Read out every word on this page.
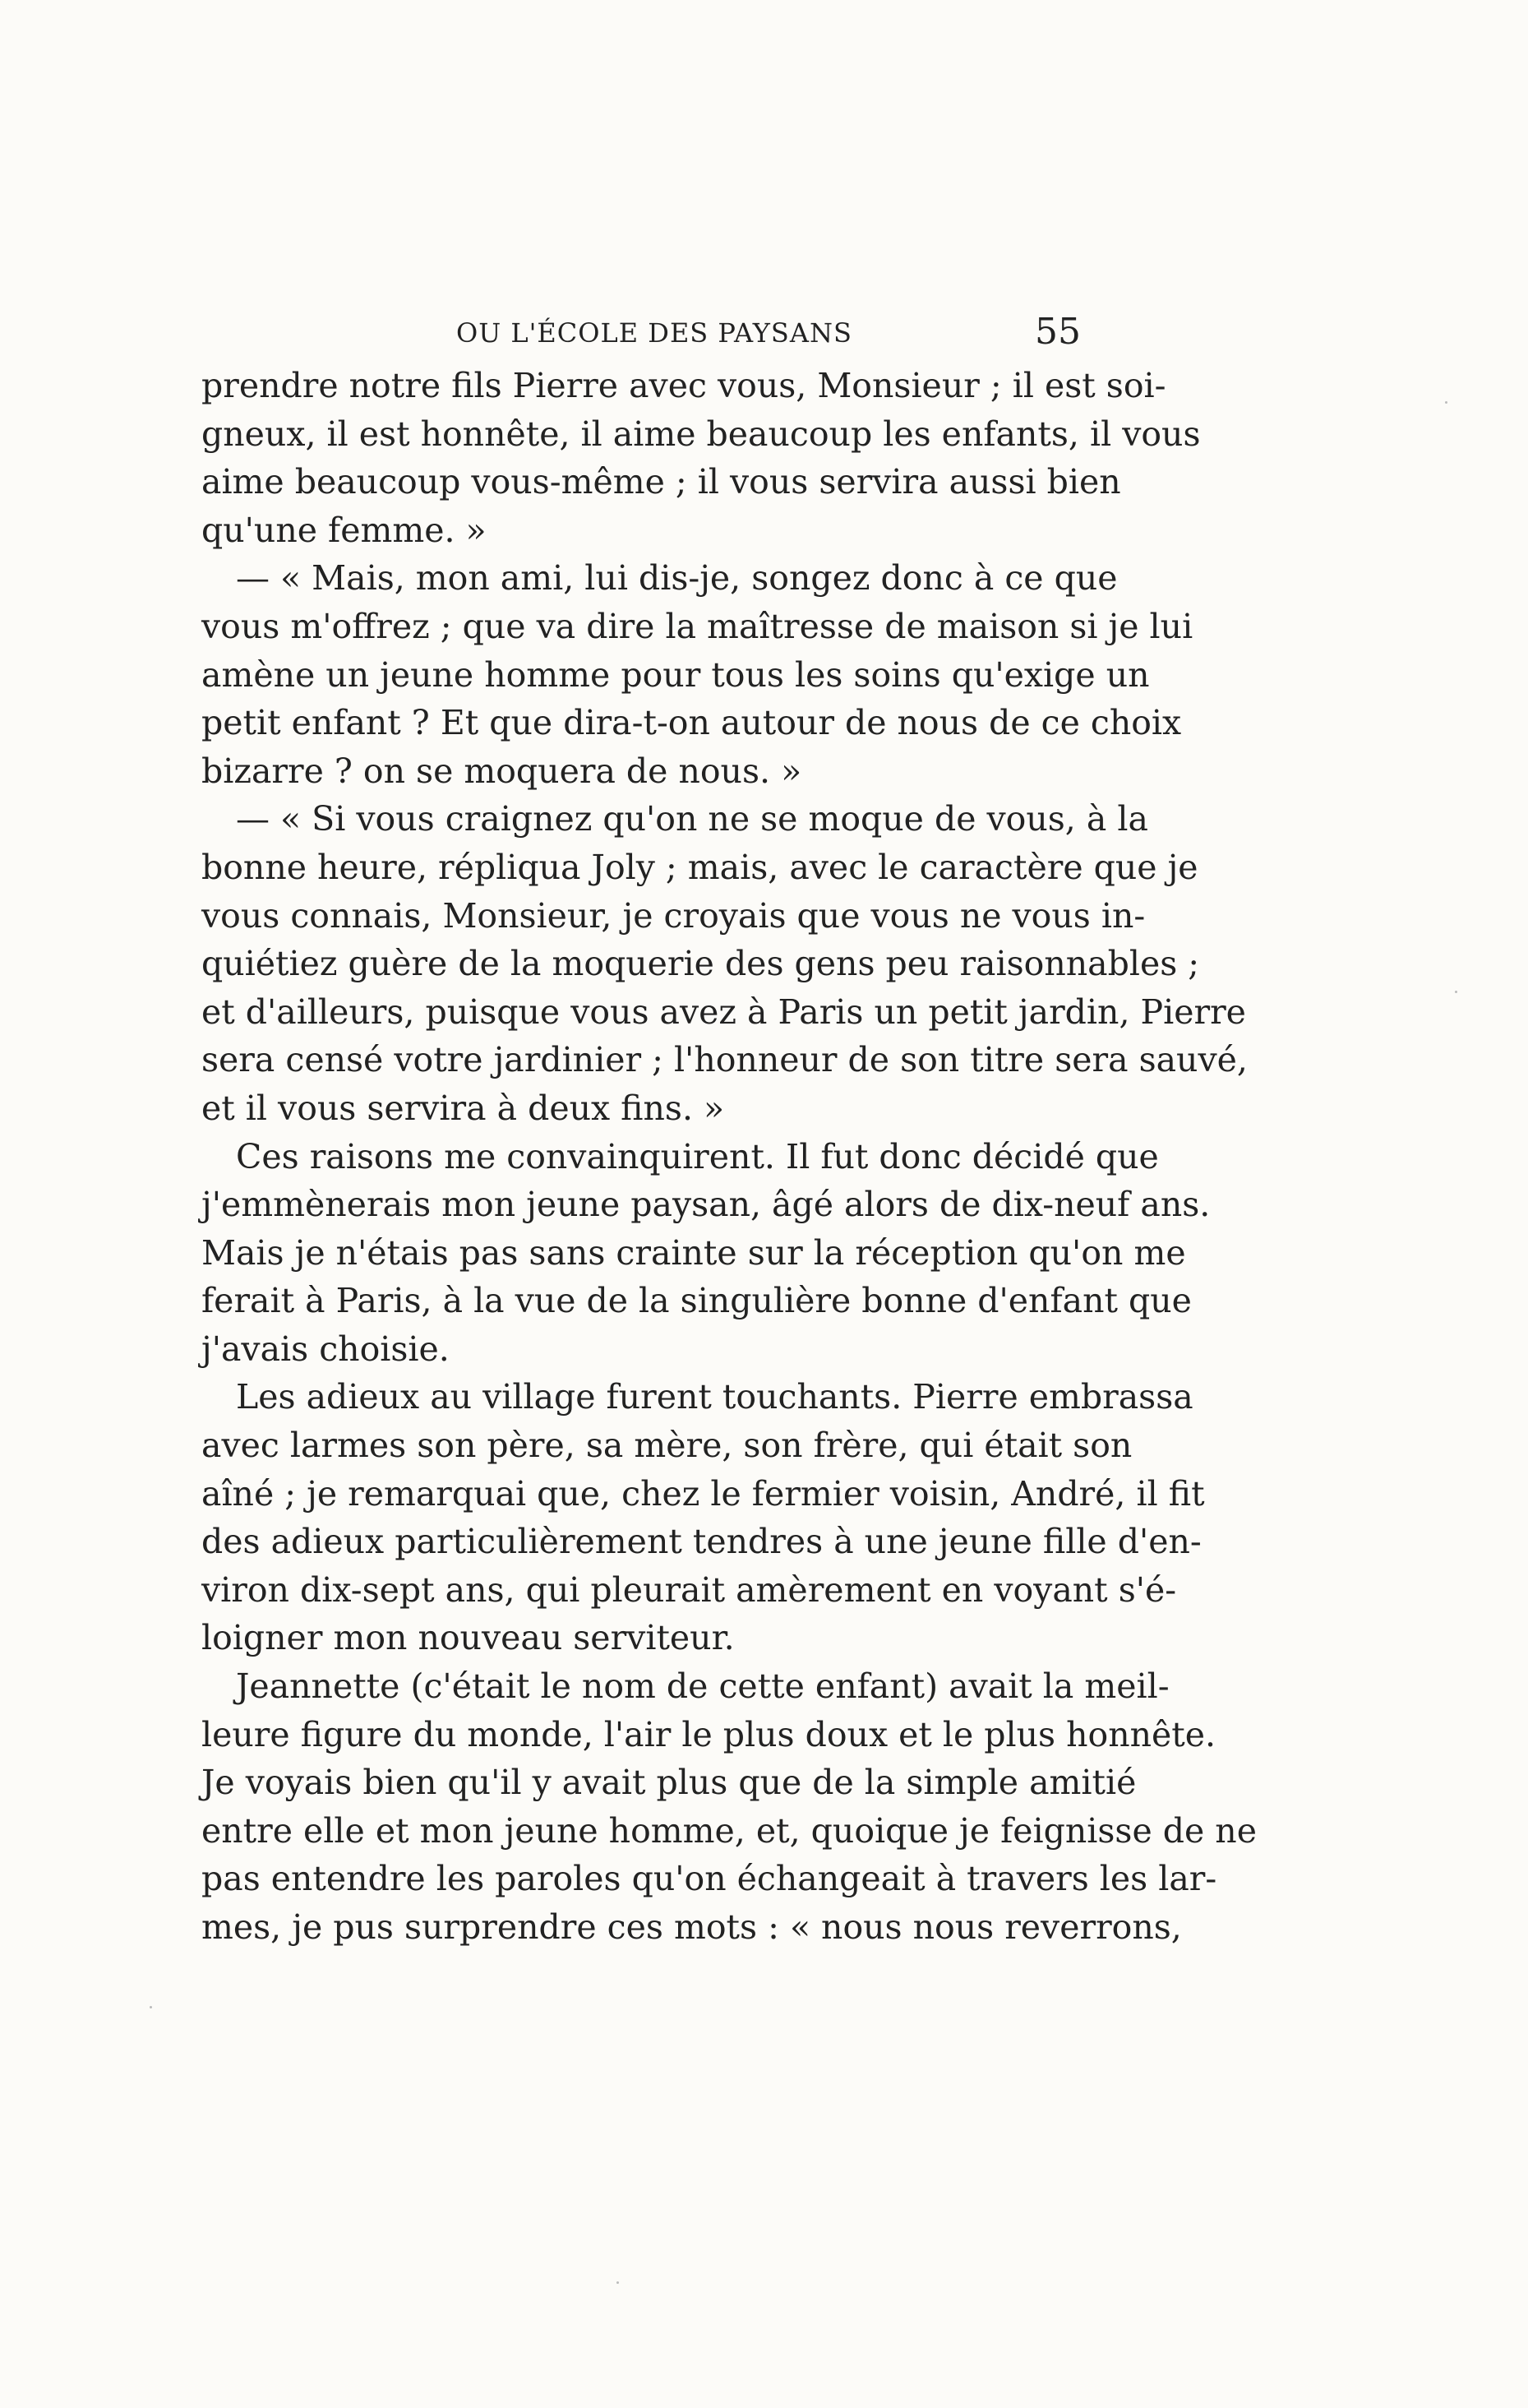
OU L'ÉCOLE DES PAYSANS	55
prendre notre fils Pierre avec vous, Monsieur ; il est soi-
gneux, il est honnête, il aime beaucoup les enfants, il vous
aime beaucoup vous-même ; il vous servira aussi bien
qu'une femme. »
— « Mais, mon ami, lui dis-je, songez donc à ce que
vous m'offrez ; que va dire la maîtresse de maison si je lui
amène un jeune homme pour tous les soins qu'exige un
petit enfant ? Et que dira-t-on autour de nous de ce choix
bizarre ? on se moquera de nous. »
— « Si vous craignez qu'on ne se moque de vous, à la
bonne heure, répliqua Joly ; mais, avec le caractère que je
vous connais, Monsieur, je croyais que vous ne vous in-
quiétiez guère de la moquerie des gens peu raisonnables ;
et d'ailleurs, puisque vous avez à Paris un petit jardin, Pierre
sera censé votre jardinier ; l'honneur de son titre sera sauvé,
et il vous servira à deux fins. »
Ces raisons me convainquirent. Il fut donc décidé que
j'emmènerais mon jeune paysan, âgé alors de dix-neuf ans.
Mais je n'étais pas sans crainte sur la réception qu'on me
ferait à Paris, à la vue de la singulière bonne d'enfant que
j'avais choisie.
Les adieux au village furent touchants. Pierre embrassa
avec larmes son père, sa mère, son frère, qui était son
aîné ; je remarquai que, chez le fermier voisin, André, il fit
des adieux particulièrement tendres à une jeune fille d'en-
viron dix-sept ans, qui pleurait amèrement en voyant s'é-
loigner mon nouveau serviteur.
Jeannette (c'était le nom de cette enfant) avait la meil-
leure figure du monde, l'air le plus doux et le plus honnête.
Je voyais bien qu'il y avait plus que de la simple amitié
entre elle et mon jeune homme, et, quoique je feignisse de ne
pas entendre les paroles qu'on échangeait à travers les lar-
mes, je pus surprendre ces mots : « nous nous reverrons,
